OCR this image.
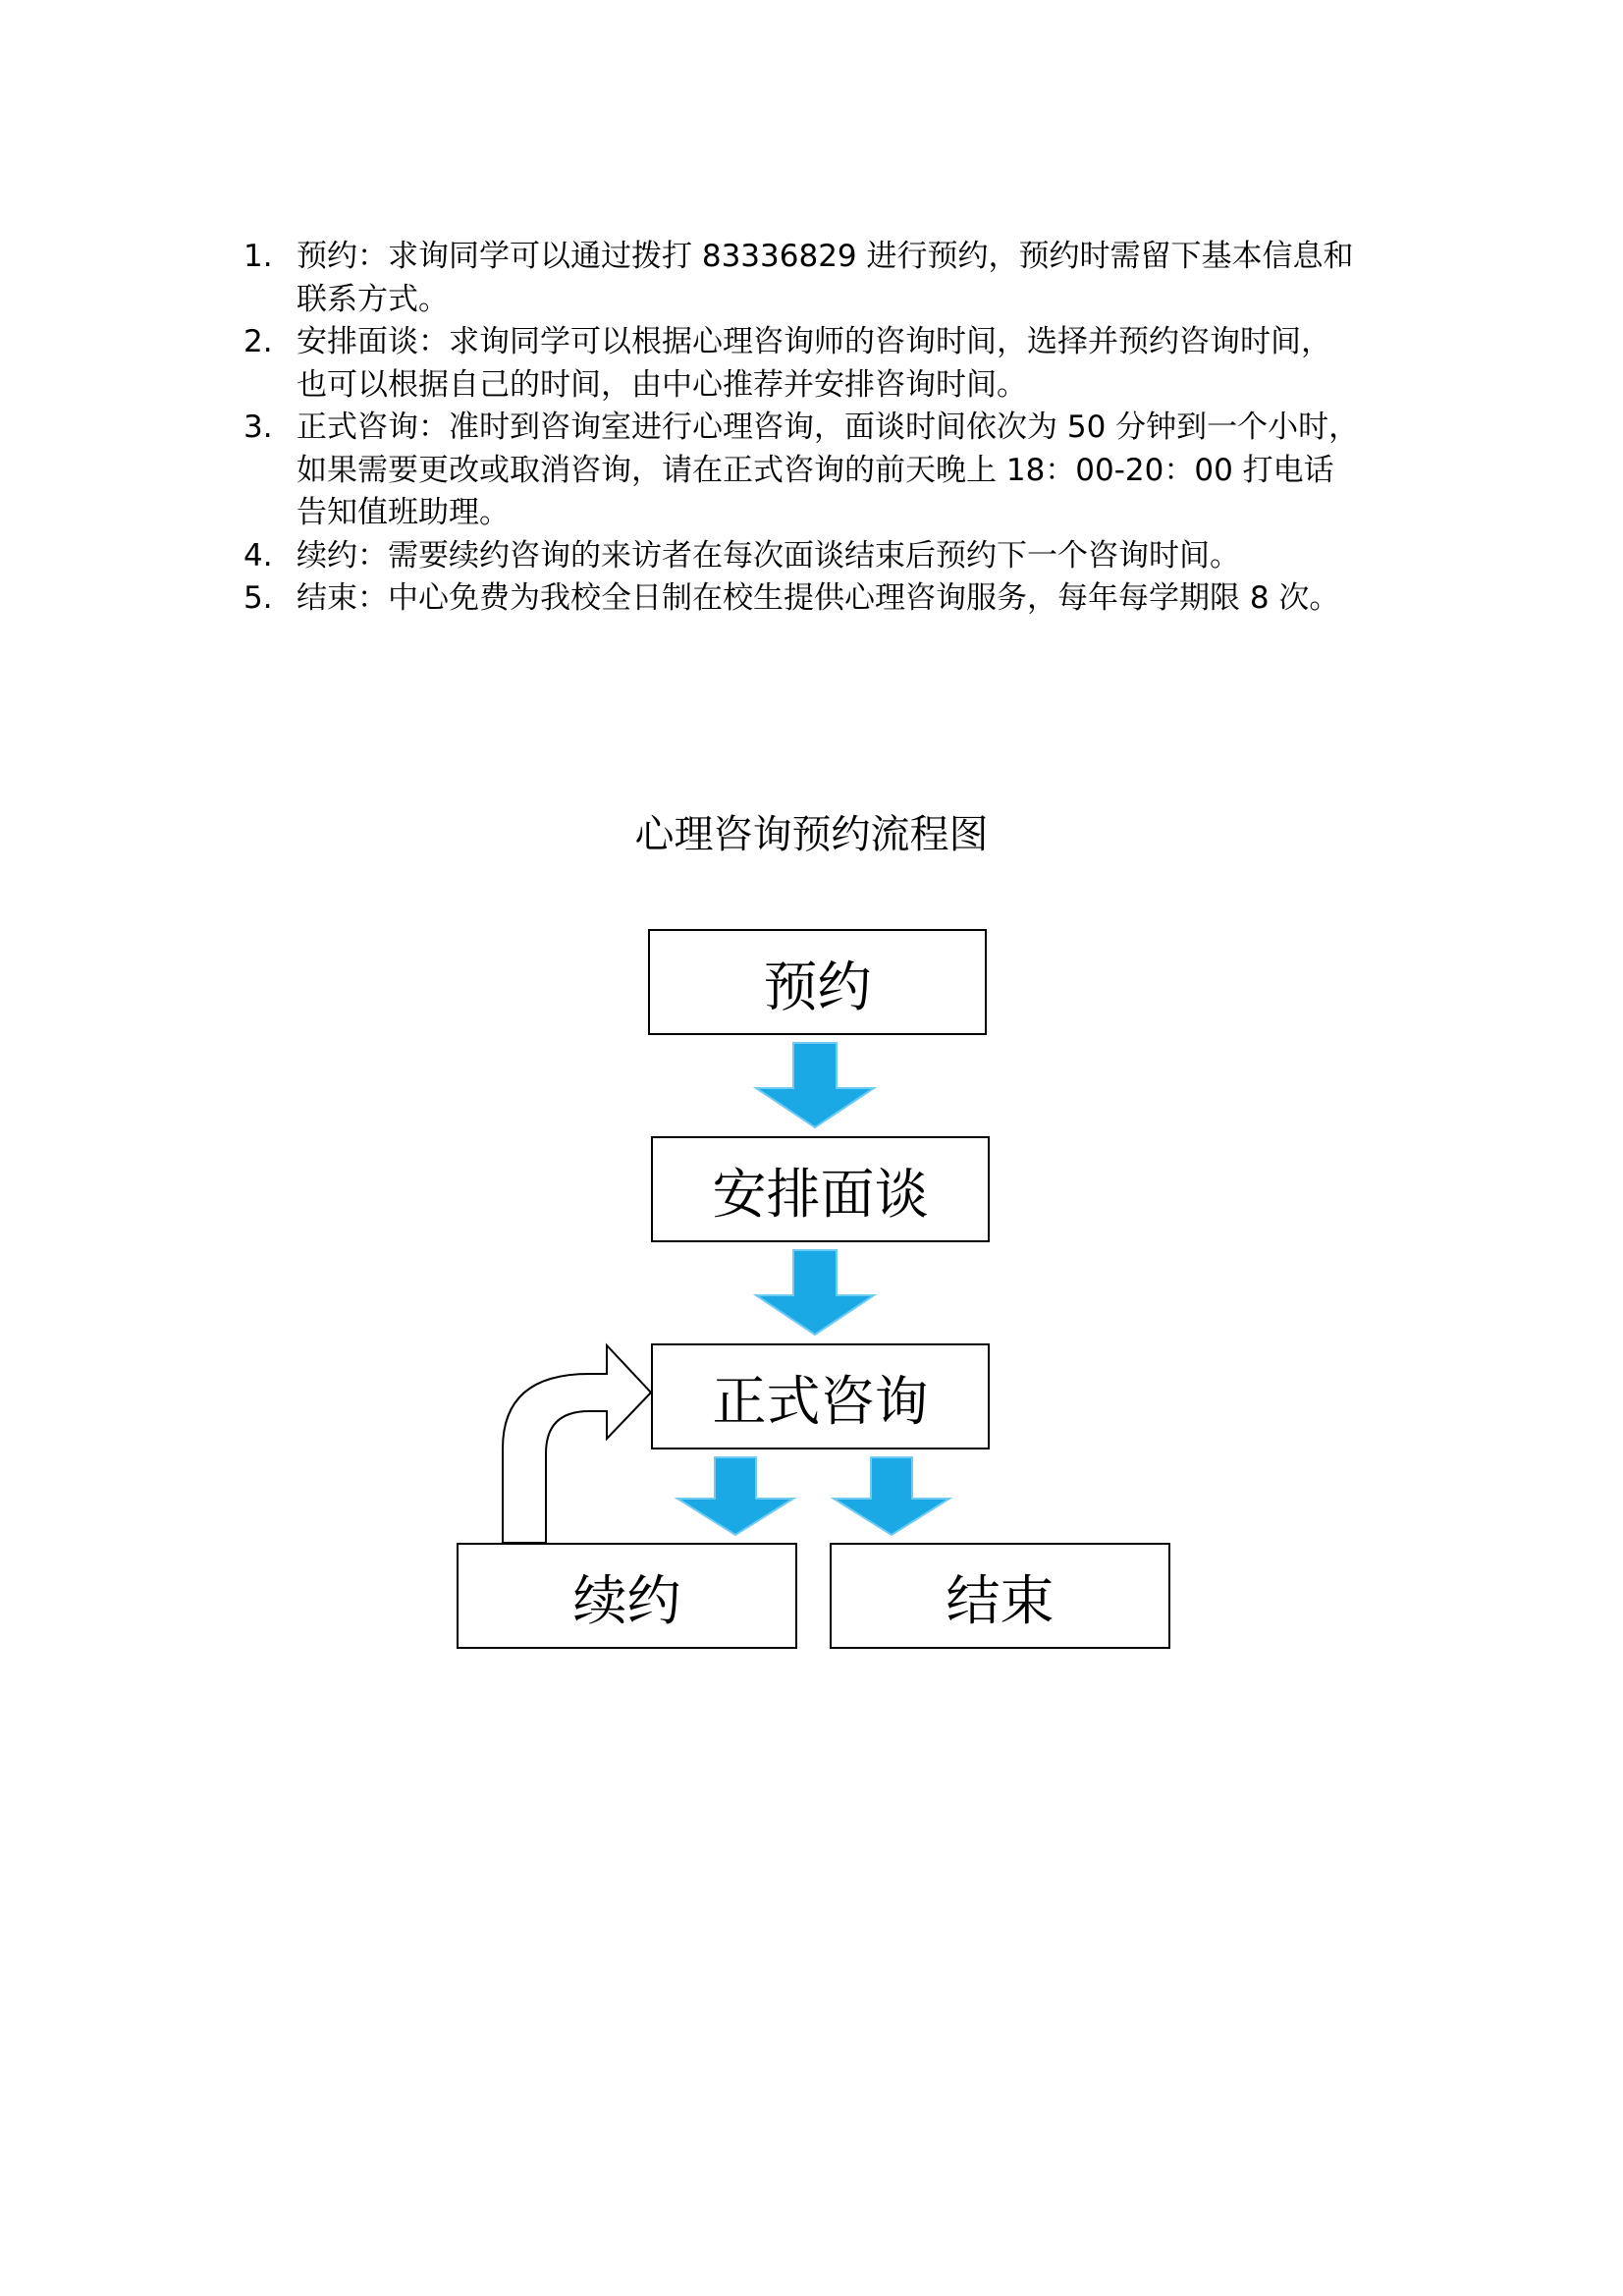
1. 预约：求询同学可以通过拨打 83336829 进行预约，预约时需留下基本信息和
联系方式。
2. 安排面谈：求询同学可以根据心理咨询师的咨询时间，选择并预约咨询时间，
也可以根据自己的时间，由中心推荐并安排咨询时间。
3. 正式咨询：准时到咨询室进行心理咨询，面谈时间依次为 50 分钟到一个小时，
如果需要更改或取消咨询，请在正式咨询的前天晚上 18：00-20：00 打电话
告知值班助理。
4. 续约：需要续约咨询的来访者在每次面谈结束后预约下一个咨询时间。
5. 结束：中心免费为我校全日制在校生提供心理咨询服务，每年每学期限 8 次。
心理咨询预约流程图
预约
安排面谈
正式咨询
续约	结束
